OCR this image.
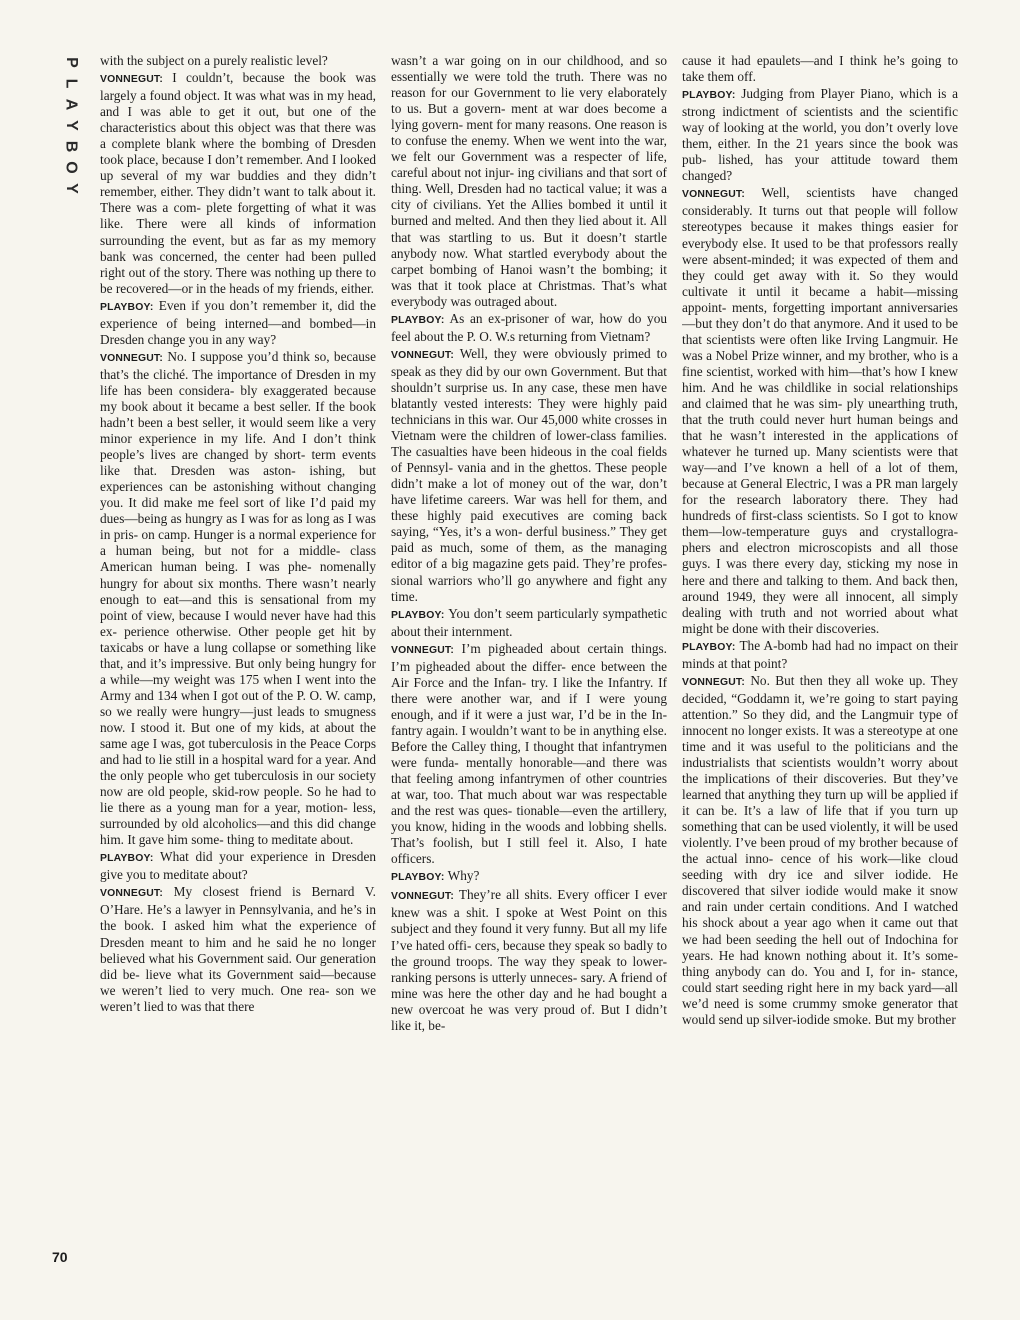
P
L
A
Y
B
O
Y
70

with the subject on a purely realistic level?

VONNEGUT: I couldn’t, because the book was largely a found object. It was what was in my head, and I was able to get it out, but one of the characteristics about this object was that there was a complete blank where the bombing of Dresden took place, because I don’t remember. And I looked up several of my war buddies and they didn’t remember, either. They didn’t want to talk about it. There was a com- plete forgetting of what it was like. There were all kinds of information surrounding the event, but as far as my memory bank was concerned, the center had been pulled right out of the story. There was nothing up there to be recovered—or in the heads of my friends, either.

PLAYBOY: Even if you don’t remember it, did the experience of being interned—and bombed—in Dresden change you in any way?

VONNEGUT: No. I suppose you’d think so, because that’s the cliché. The importance of Dresden in my life has been considera- bly exaggerated because my book about it became a best seller. If the book hadn’t been a best seller, it would seem like a very minor experience in my life. And I don’t think people’s lives are changed by short- term events like that. Dresden was aston- ishing, but experiences can be astonishing without changing you. It did make me feel sort of like I’d paid my dues—being as hungry as I was for as long as I was in pris- on camp. Hunger is a normal experience for a human being, but not for a middle- class American human being. I was phe- nomenally hungry for about six months. There wasn’t nearly enough to eat—and this is sensational from my point of view, because I would never have had this ex- perience otherwise. Other people get hit by taxicabs or have a lung collapse or something like that, and it’s impressive. But only being hungry for a while—my weight was 175 when I went into the Army and 134 when I got out of the P. O. W. camp, so we really were hungry—just leads to smugness now. I stood it. But one of my kids, at about the same age I was, got tuberculosis in the Peace Corps and had to lie still in a hospital ward for a year. And the only people who get tuberculosis in our society now are old people, skid-row people. So he had to lie there as a young man for a year, motion- less, surrounded by old alcoholics—and this did change him. It gave him some- thing to meditate about.

PLAYBOY: What did your experience in Dresden give you to meditate about?

VONNEGUT: My closest friend is Bernard V. O’Hare. He’s a lawyer in Pennsylvania, and he’s in the book. I asked him what the experience of Dresden meant to him and he said he no longer believed what his Government said. Our generation did be- lieve what its Government said—because we weren’t lied to very much. One rea- son we weren’t lied to was that there

wasn’t a war going on in our childhood, and so essentially we were told the truth. There was no reason for our Government to lie very elaborately to us. But a govern- ment at war does become a lying govern- ment for many reasons. One reason is to confuse the enemy. When we went into the war, we felt our Government was a respecter of life, careful about not injur- ing civilians and that sort of thing. Well, Dresden had no tactical value; it was a city of civilians. Yet the Allies bombed it until it burned and melted. And then they lied about it. All that was startling to us. But it doesn’t startle anybody now. What startled everybody about the carpet bombing of Hanoi wasn’t the bombing; it was that it took place at Christmas. That’s what everybody was outraged about.

PLAYBOY: As an ex-prisoner of war, how do you feel about the P. O. W.s returning from Vietnam?

VONNEGUT: Well, they were obviously primed to speak as they did by our own Government. But that shouldn’t surprise us. In any case, these men have blatantly vested interests: They were highly paid technicians in this war. Our 45,000 white crosses in Vietnam were the children of lower-class families. The casualties have been hideous in the coal fields of Pennsyl- vania and in the ghettos. These people didn’t make a lot of money out of the war, don’t have lifetime careers. War was hell for them, and these highly paid executives are coming back saying, “Yes, it’s a won- derful business.” They get paid as much, some of them, as the managing editor of a big magazine gets paid. They’re profes- sional warriors who’ll go anywhere and fight any time.

PLAYBOY: You don’t seem particularly sympathetic about their internment.

VONNEGUT: I’m pigheaded about certain things. I’m pigheaded about the differ- ence between the Air Force and the Infan- try. I like the Infantry. If there were another war, and if I were young enough, and if it were a just war, I’d be in the In- fantry again. I wouldn’t want to be in anything else. Before the Calley thing, I thought that infantrymen were funda- mentally honorable—and there was that feeling among infantrymen of other countries at war, too. That much about war was respectable and the rest was ques- tionable—even the artillery, you know, hiding in the woods and lobbing shells. That’s foolish, but I still feel it. Also, I hate officers.

PLAYBOY: Why?

VONNEGUT: They’re all shits. Every officer I ever knew was a shit. I spoke at West Point on this subject and they found it very funny. But all my life I’ve hated offi- cers, because they speak so badly to the ground troops. The way they speak to lower-ranking persons is utterly unneces- sary. A friend of mine was here the other day and he had bought a new overcoat he was very proud of. But I didn’t like it, be-

cause it had epaulets—and I think he’s going to take them off.

PLAYBOY: Judging from Player Piano, which is a strong indictment of scientists and the scientific way of looking at the world, you don’t overly love them, either. In the 21 years since the book was pub- lished, has your attitude toward them changed?

VONNEGUT: Well, scientists have changed considerably. It turns out that people will follow stereotypes because it makes things easier for everybody else. It used to be that professors really were absent-minded; it was expected of them and they could get away with it. So they would cultivate it until it became a habit—missing appoint- ments, forgetting important anniversaries—but they don’t do that anymore. And it used to be that scientists were often like Irving Langmuir. He was a Nobel Prize winner, and my brother, who is a fine scientist, worked with him—that’s how I knew him. And he was childlike in social relationships and claimed that he was sim- ply unearthing truth, that the truth could never hurt human beings and that he wasn’t interested in the applications of whatever he turned up. Many scientists were that way—and I’ve known a hell of a lot of them, because at General Electric, I was a PR man largely for the research laboratory there. They had hundreds of first-class scientists. So I got to know them—low-temperature guys and crystallogra- phers and electron microscopists and all those guys. I was there every day, sticking my nose in here and there and talking to them. And back then, around 1949, they were all innocent, all simply dealing with truth and not worried about what might be done with their discoveries.

PLAYBOY: The A-bomb had had no impact on their minds at that point?

VONNEGUT: No. But then they all woke up. They decided, “Goddamn it, we’re going to start paying attention.” So they did, and the Langmuir type of innocent no longer exists. It was a stereotype at one time and it was useful to the politicians and the industrialists that scientists wouldn’t worry about the implications of their discoveries. But they’ve learned that anything they turn up will be applied if it can be. It’s a law of life that if you turn up something that can be used violently, it will be used violently. I’ve been proud of my brother because of the actual inno- cence of his work—like cloud seeding with dry ice and silver iodide. He discovered that silver iodide would make it snow and rain under certain conditions. And I watched his shock about a year ago when it came out that we had been seeding the hell out of Indochina for years. He had known nothing about it. It’s some- thing anybody can do. You and I, for in- stance, could start seeding right here in my back yard—all we’d need is some crummy smoke generator that would send up silver-iodide smoke. But my brother
